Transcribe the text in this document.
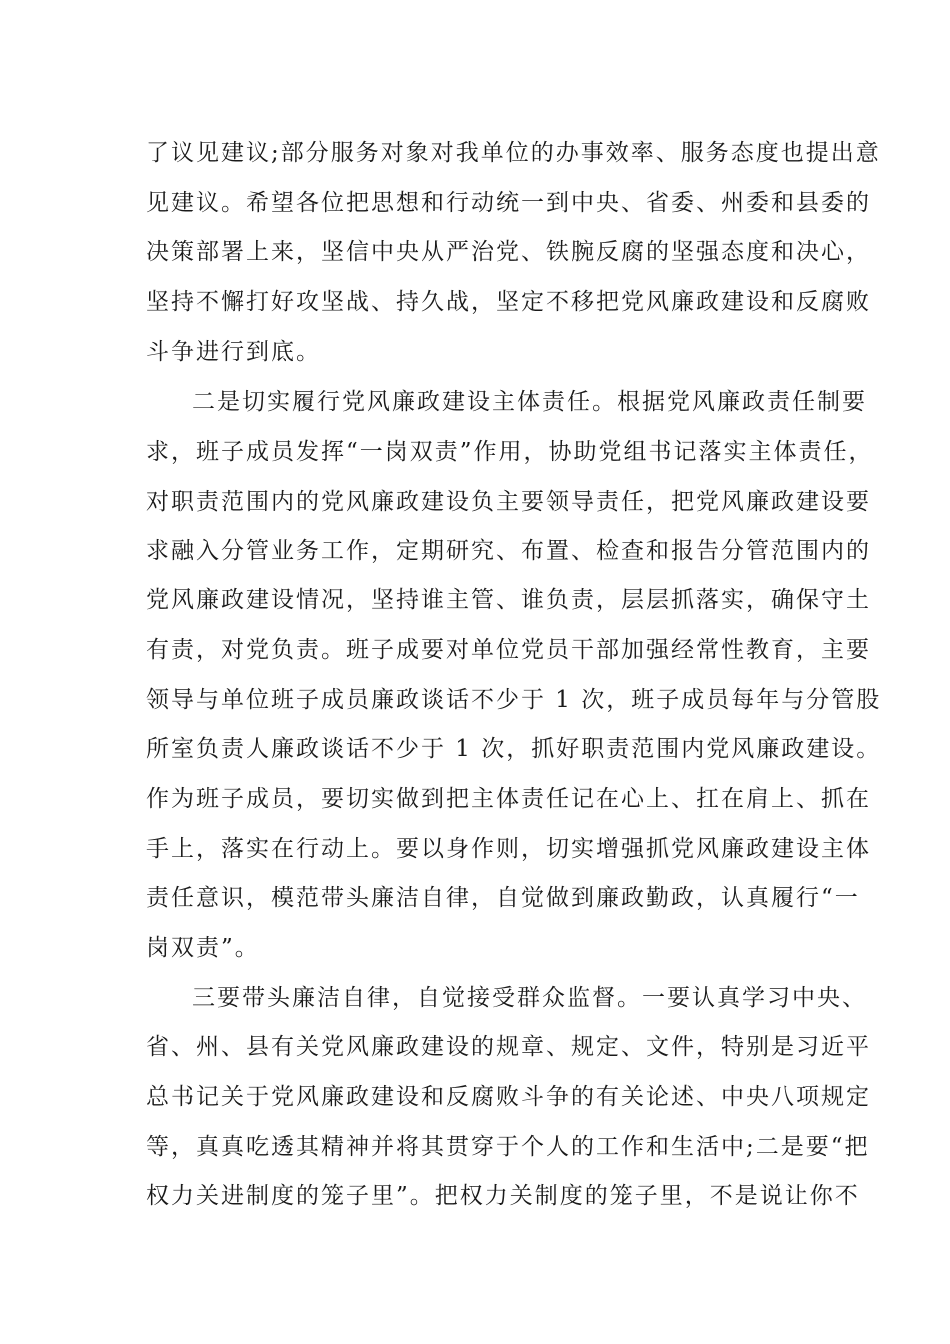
了议见建议;部分服务对象对我单位的办事效率、服务态度也提出意
见建议。希望各位把思想和行动统一到中央、省委、州委和县委的
决策部署上来，坚信中央从严治党、铁腕反腐的坚强态度和决心，
坚持不懈打好攻坚战、持久战，坚定不移把党风廉政建设和反腐败
斗争进行到底。
二是切实履行党风廉政建设主体责任。根据党风廉政责任制要
求，班子成员发挥“一岗双责”作用，协助党组书记落实主体责任，
对职责范围内的党风廉政建设负主要领导责任，把党风廉政建设要
求融入分管业务工作，定期研究、布置、检查和报告分管范围内的
党风廉政建设情况，坚持谁主管、谁负责，层层抓落实，确保守土
有责，对党负责。班子成要对单位党员干部加强经常性教育，主要
领导与单位班子成员廉政谈话不少于 1 次，班子成员每年与分管股
所室负责人廉政谈话不少于 1 次，抓好职责范围内党风廉政建设。
作为班子成员，要切实做到把主体责任记在心上、扛在肩上、抓在
手上，落实在行动上。要以身作则，切实增强抓党风廉政建设主体
责任意识，模范带头廉洁自律，自觉做到廉政勤政，认真履行“一
岗双责”。
三要带头廉洁自律，自觉接受群众监督。一要认真学习中央、
省、州、县有关党风廉政建设的规章、规定、文件，特别是习近平
总书记关于党风廉政建设和反腐败斗争的有关论述、中央八项规定
等，真真吃透其精神并将其贯穿于个人的工作和生活中;二是要“把
权力关进制度的笼子里”。把权力关制度的笼子里，不是说让你不
